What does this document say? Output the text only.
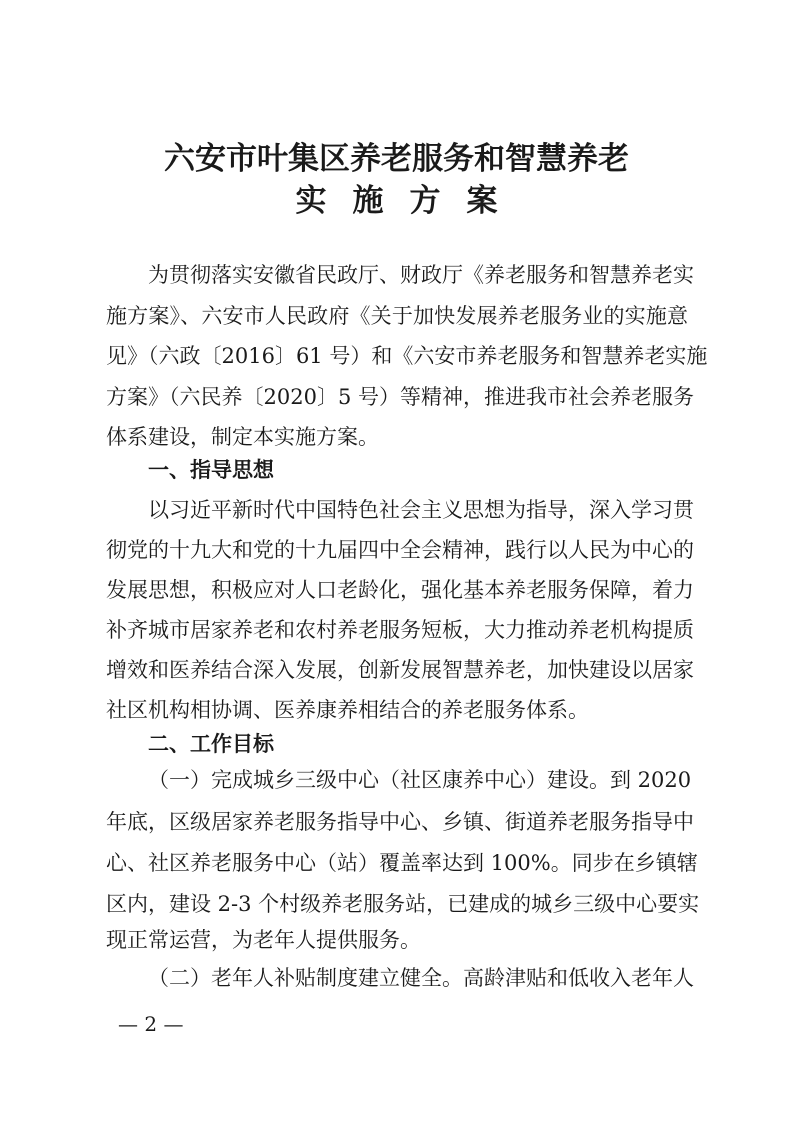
六安市叶集区养老服务和智慧养老
实施方案
为贯彻落实安徽省民政厅、财政厅《养老服务和智慧养老实
施方案》、六安市人民政府《关于加快发展养老服务业的实施意
见》（六政〔2016〕61 号）和《六安市养老服务和智慧养老实施
方案》（六民养〔2020〕5 号）等精神，推进我市社会养老服务
体系建设，制定本实施方案。
一、指导思想
以习近平新时代中国特色社会主义思想为指导，深入学习贯
彻党的十九大和党的十九届四中全会精神，践行以人民为中心的
发展思想，积极应对人口老龄化，强化基本养老服务保障，着力
补齐城市居家养老和农村养老服务短板，大力推动养老机构提质
增效和医养结合深入发展，创新发展智慧养老，加快建设以居家
社区机构相协调、医养康养相结合的养老服务体系。
二、工作目标
（一）完成城乡三级中心（社区康养中心）建设。到 2020
年底，区级居家养老服务指导中心、乡镇、街道养老服务指导中
心、社区养老服务中心（站）覆盖率达到 100%。同步在乡镇辖
区内，建设 2-3 个村级养老服务站，已建成的城乡三级中心要实
现正常运营，为老年人提供服务。
（二）老年人补贴制度建立健全。高龄津贴和低收入老年人
— 2 —
